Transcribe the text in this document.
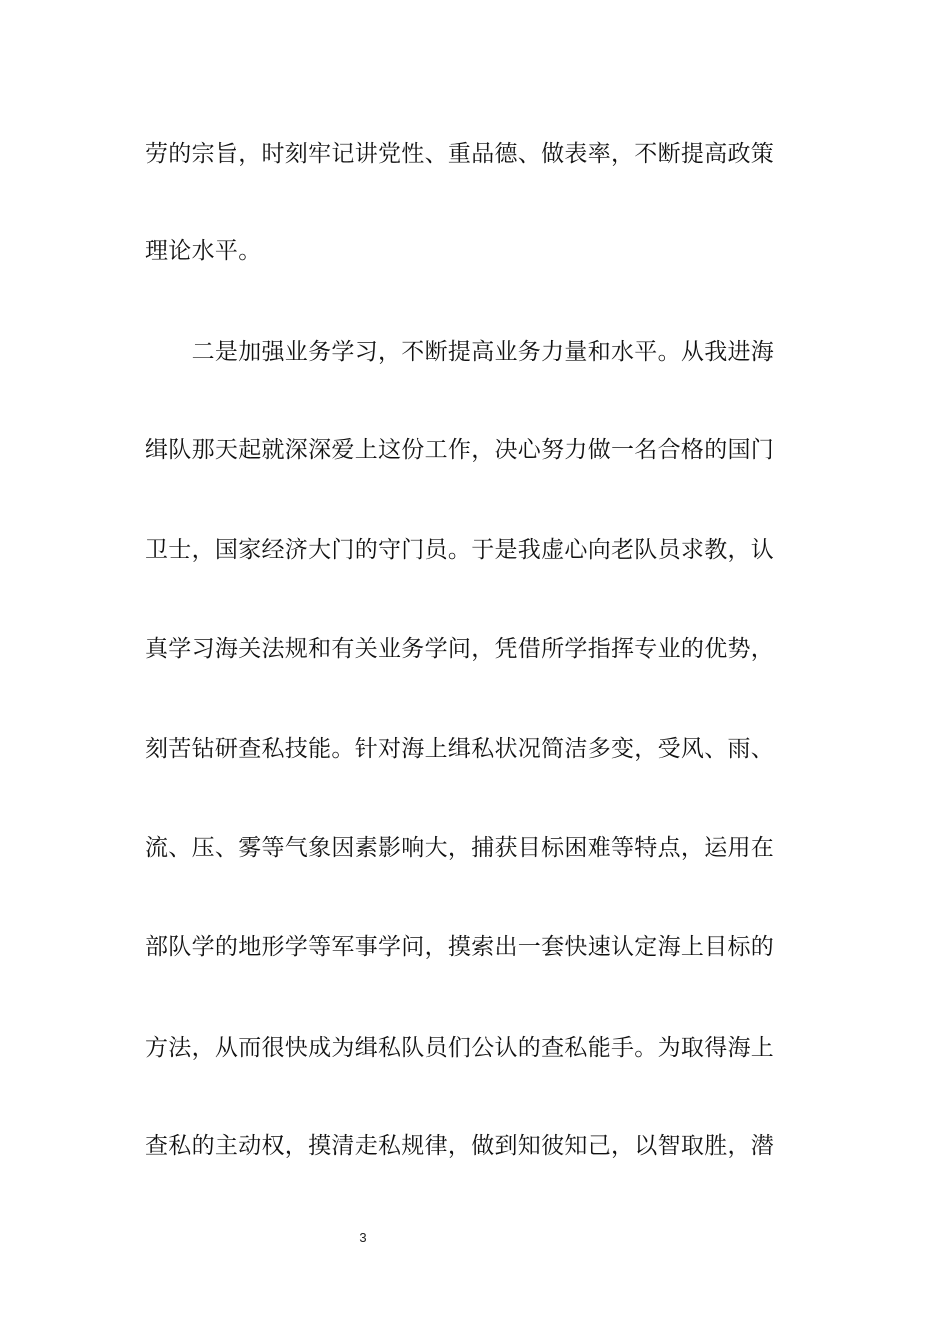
劳的宗旨，时刻牢记讲党性、重品德、做表率，不断提高政策
理论水平。
　　二是加强业务学习，不断提高业务力量和水平。从我进海
缉队那天起就深深爱上这份工作，决心努力做一名合格的国门
卫士，国家经济大门的守门员。于是我虚心向老队员求教，认
真学习海关法规和有关业务学问，凭借所学指挥专业的优势，
刻苦钻研查私技能。针对海上缉私状况简洁多变，受风、雨、
流、压、雾等气象因素影响大，捕获目标困难等特点，运用在
部队学的地形学等军事学问，摸索出一套快速认定海上目标的
方法，从而很快成为缉私队员们公认的查私能手。为取得海上
查私的主动权，摸清走私规律，做到知彼知己，以智取胜，潜
3
